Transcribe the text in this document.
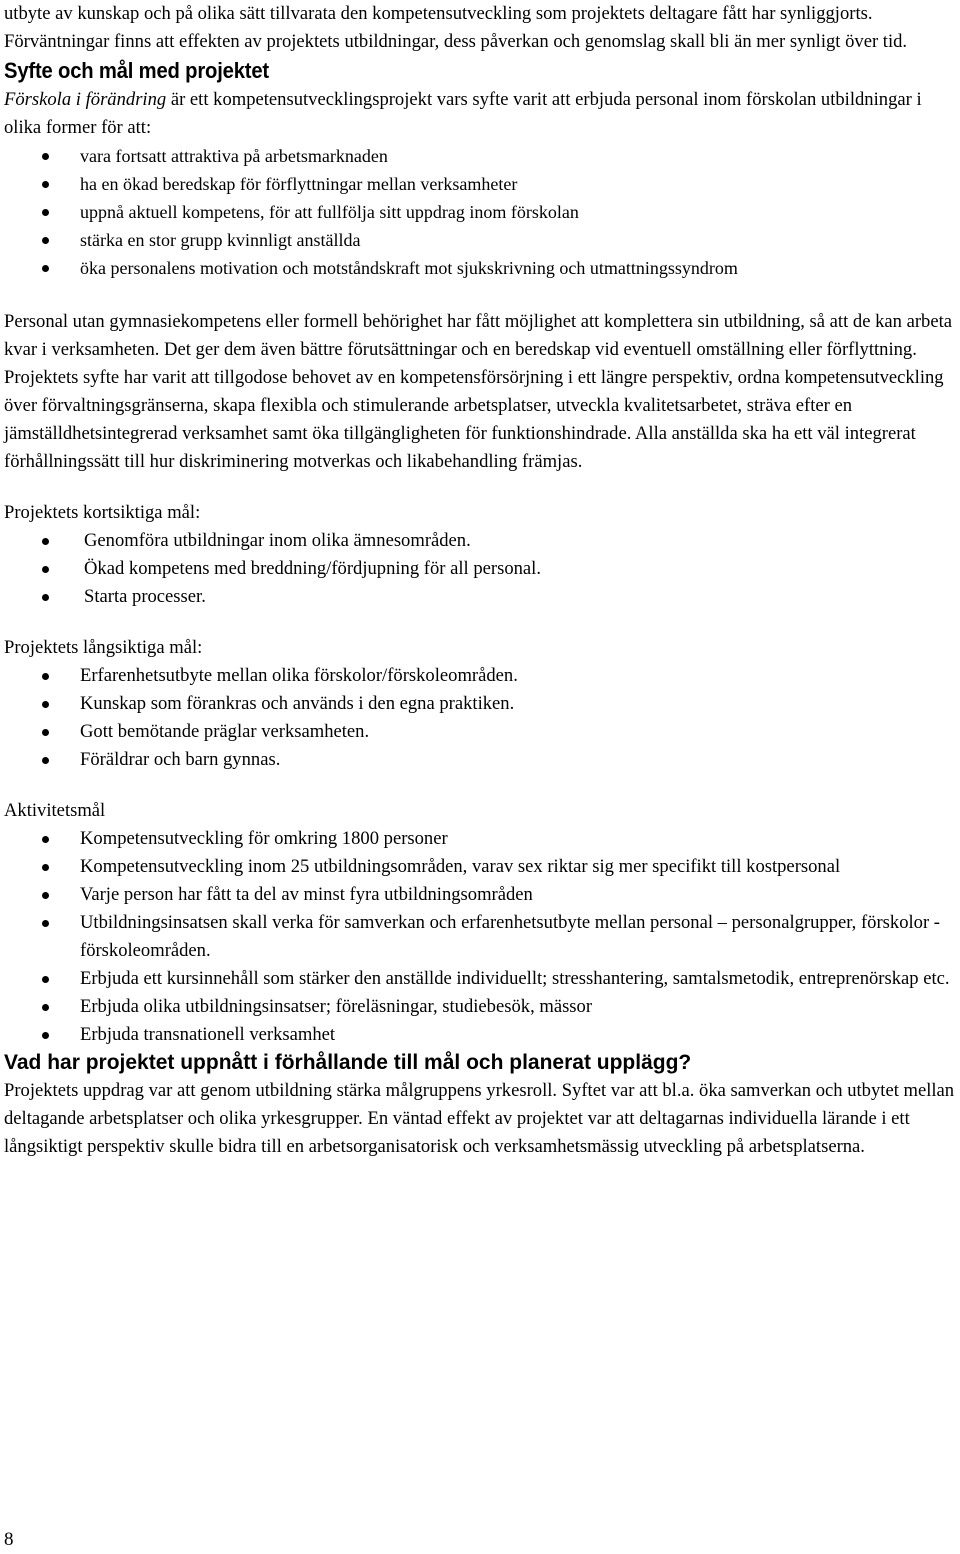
utbyte av kunskap och på olika sätt tillvarata den kompetensutveckling som projektets deltagare fått har synliggjorts. Förväntningar finns att effekten av projektets utbildningar, dess påverkan och genomslag skall bli än mer synligt över tid.

Syfte och mål med projektet

Förskola i förändring är ett kompetensutvecklingsprojekt vars syfte varit att erbjuda personal inom förskolan utbildningar i olika former för att:

vara fortsatt attraktiva på arbetsmarknaden
ha en ökad beredskap för förflyttningar mellan verksamheter
uppnå aktuell kompetens, för att fullfölja sitt uppdrag inom förskolan
stärka en stor grupp kvinnligt anställda
öka personalens motivation och motståndskraft mot sjukskrivning och utmattningssyndrom

Personal utan gymnasiekompetens eller formell behörighet har fått möjlighet att komplettera sin utbildning, så att de kan arbeta kvar i verksamheten. Det ger dem även bättre förutsättningar och en beredskap vid eventuell omställning eller förflyttning. Projektets syfte har varit att tillgodose behovet av en kompetensförsörjning i ett längre perspektiv, ordna kompetensutveckling över förvaltningsgränserna, skapa flexibla och stimulerande arbetsplatser, utveckla kvalitetsarbetet, sträva efter en jämställdhetsintegrerad verksamhet samt öka tillgängligheten för funktionshindrade. Alla anställda ska ha ett väl integrerat förhållningssätt till hur diskriminering motverkas och likabehandling främjas.

Projektets kortsiktiga mål:

Genomföra utbildningar inom olika ämnesområden.
Ökad kompetens med breddning/fördjupning för all personal.
Starta processer.

Projektets långsiktiga mål:

Erfarenhetsutbyte mellan olika förskolor/förskoleområden.
Kunskap som förankras och används i den egna praktiken.
Gott bemötande präglar verksamheten.
Föräldrar och barn gynnas.

Aktivitetsmål

Kompetensutveckling för omkring 1800 personer
Kompetensutveckling inom 25 utbildningsområden, varav sex riktar sig mer specifikt till kostpersonal
Varje person har fått ta del av minst fyra utbildningsområden
Utbildningsinsatsen skall verka för samverkan och erfarenhetsutbyte mellan personal – personalgrupper, förskolor - förskoleområden.
Erbjuda ett kursinnehåll som stärker den anställde individuellt; stresshantering, samtalsmetodik, entreprenörskap etc.
Erbjuda olika utbildningsinsatser; föreläsningar, studiebesök, mässor
Erbjuda transnationell verksamhet
Vad har projektet uppnått i förhållande till mål och planerat upplägg?

Projektets uppdrag var att genom utbildning stärka målgruppens yrkesroll. Syftet var att bl.a. öka samverkan och utbytet mellan deltagande arbetsplatser och olika yrkesgrupper. En väntad effekt av projektet var att deltagarnas individuella lärande i ett långsiktigt perspektiv skulle bidra till en arbetsorganisatorisk och verksamhetsmässig utveckling på arbetsplatserna.

8
